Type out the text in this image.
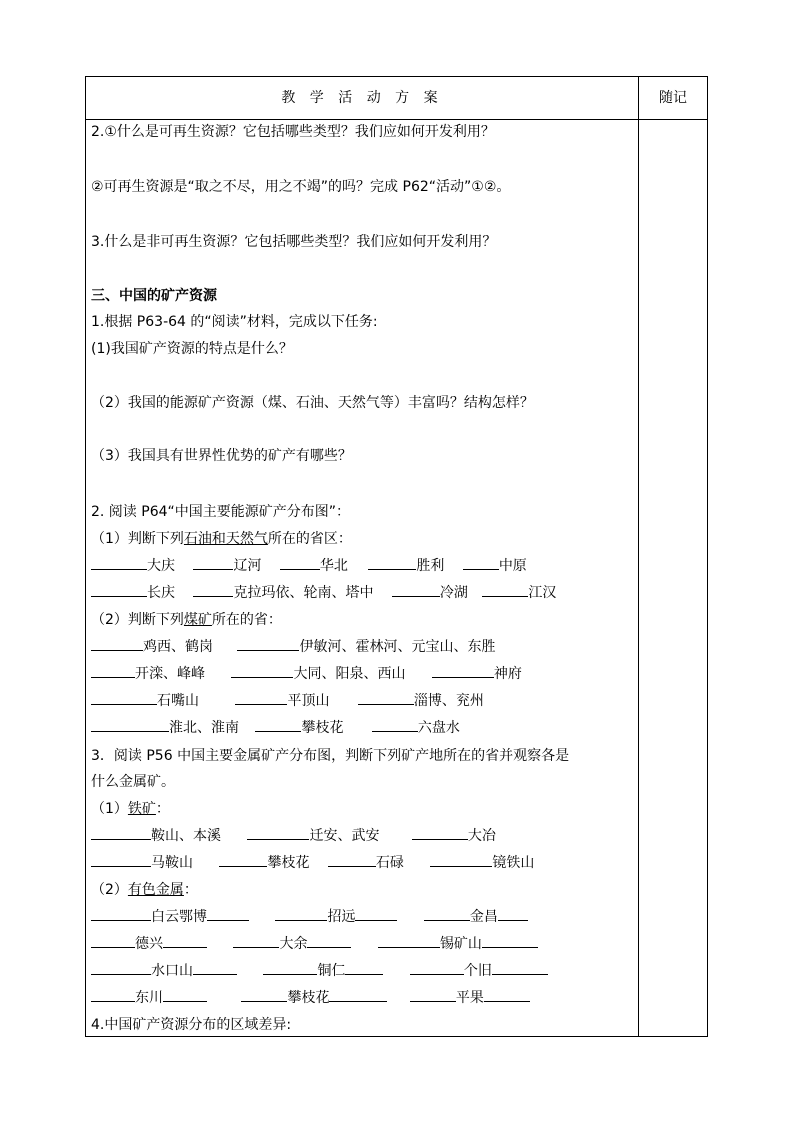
教 学 活 动 方 案	随记
2.①什么是可再生资源？它包括哪些类型？我们应如何开发利用？
②可再生资源是“取之不尽，用之不竭”的吗？完成 P62“活动”①②。
3.什么是非可再生资源？它包括哪些类型？我们应如何开发利用？
三、中国的矿产资源
1.根据 P63-64 的“阅读”材料，完成以下任务:
(1)我国矿产资源的特点是什么？
（2）我国的能源矿产资源（煤、石油、天然气等）丰富吗？结构怎样？
（3）我国具有世界性优势的矿产有哪些？
2. 阅读 P64“中国主要能源矿产分布图”：
（1）判断下列石油和天然气所在的省区：
大庆	辽河	华北	胜利	中原
长庆	克拉玛依、轮南、塔中	冷湖	江汉
（2）判断下列煤矿所在的省：
鸡西、鹤岗	伊敏河、霍林河、元宝山、东胜
开滦、峰峰	大同、阳泉、西山	神府
石嘴山	平顶山	淄博、兖州
淮北、淮南	攀枝花	六盘水
3．阅读 P56 中国主要金属矿产分布图，判断下列矿产地所在的省并观察各是
什么金属矿。
（1）铁矿：
鞍山、本溪	迁安、武安	大冶
马鞍山	攀枝花	石碌	镜铁山
（2）有色金属：
白云鄂博	招远	金昌
德兴	大余	锡矿山
水口山	铜仁	个旧
东川	攀枝花	平果
4.中国矿产资源分布的区域差异:
